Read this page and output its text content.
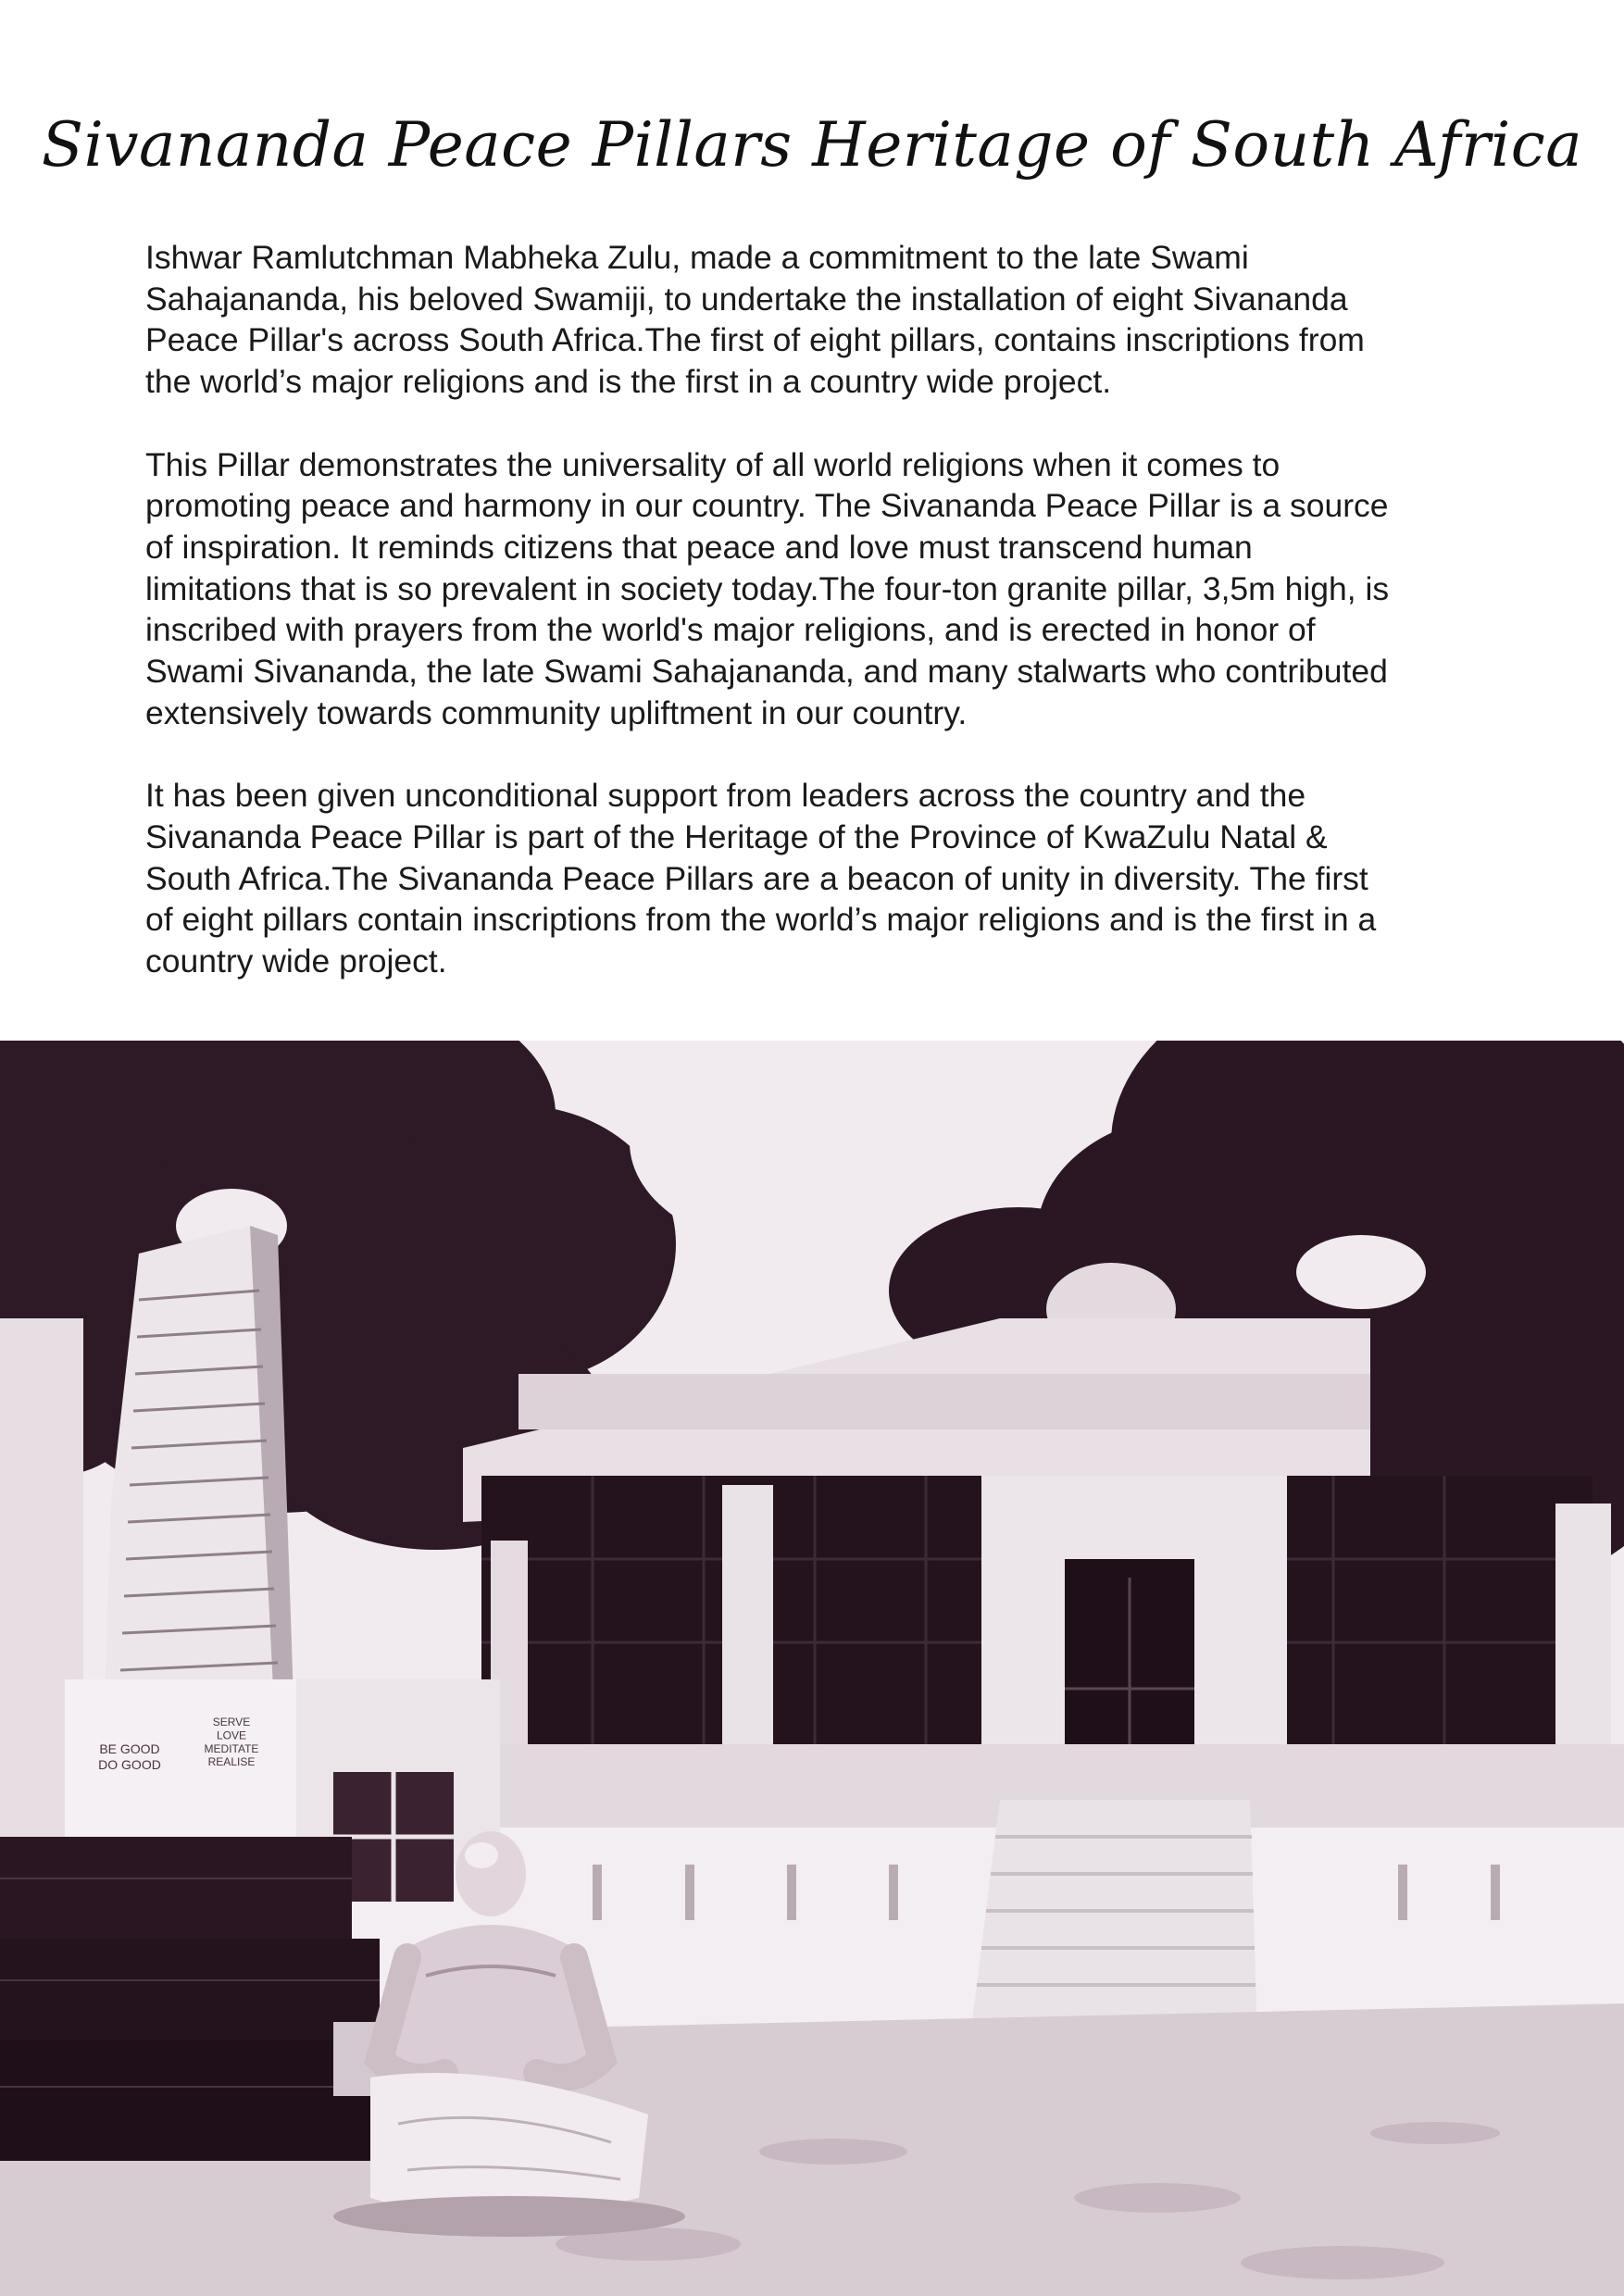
Sivananda Peace Pillars Heritage of South Africa

Ishwar Ramlutchman Mabheka Zulu, made a commitment to the late Swami
Sahajananda, his beloved Swamiji, to undertake the installation of eight Sivananda
Peace Pillar's across South Africa.The first of eight pillars, contains inscriptions from
the world’s major religions and is the first in a country wide project.

This Pillar demonstrates the universality of all world religions when it comes to
promoting peace and harmony in our country. The Sivananda Peace Pillar is a source
of inspiration. It reminds citizens that peace and love must transcend human
limitations that is so prevalent in society today.The four-ton granite pillar, 3,5m high, is
inscribed with prayers from the world's major religions, and is erected in honor of
Swami Sivananda, the late Swami Sahajananda, and many stalwarts who contributed
extensively towards community upliftment in our country.

It has been given unconditional support from leaders across the country and the
Sivananda Peace Pillar is part of the Heritage of the Province of KwaZulu Natal &
South Africa.The Sivananda Peace Pillars are a beacon of unity in diversity. The first
of eight pillars contain inscriptions from the world’s major religions and is the first in a
country wide project.

BE GOOD DO GOOD
SERVE LOVE MEDITATE REALISE
